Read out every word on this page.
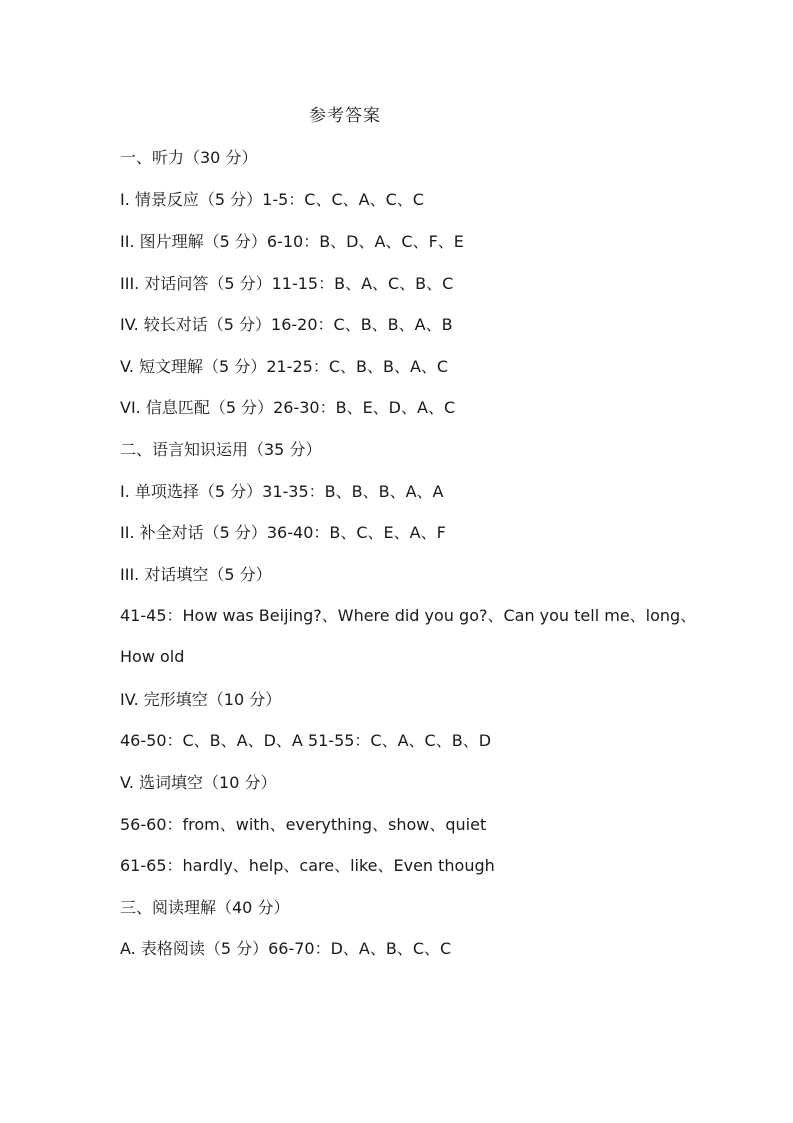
参考答案
一、听力（30 分）
I. 情景反应（5 分）1-5：C、C、A、C、C
II. 图片理解（5 分）6-10：B、D、A、C、F、E
III. 对话问答（5 分）11-15：B、A、C、B、C
IV. 较长对话（5 分）16-20：C、B、B、A、B
V. 短文理解（5 分）21-25：C、B、B、A、C
VI. 信息匹配（5 分）26-30：B、E、D、A、C
二、语言知识运用（35 分）
I. 单项选择（5 分）31-35：B、B、B、A、A
II. 补全对话（5 分）36-40：B、C、E、A、F
III. 对话填空（5 分）
41-45：How was Beijing?、Where did you go?、Can you tell me、long、
How old
IV. 完形填空（10 分）
46-50：C、B、A、D、A 51-55：C、A、C、B、D
V. 选词填空（10 分）
56-60：from、with、everything、show、quiet
61-65：hardly、help、care、like、Even though
三、阅读理解（40 分）
A. 表格阅读（5 分）66-70：D、A、B、C、C
